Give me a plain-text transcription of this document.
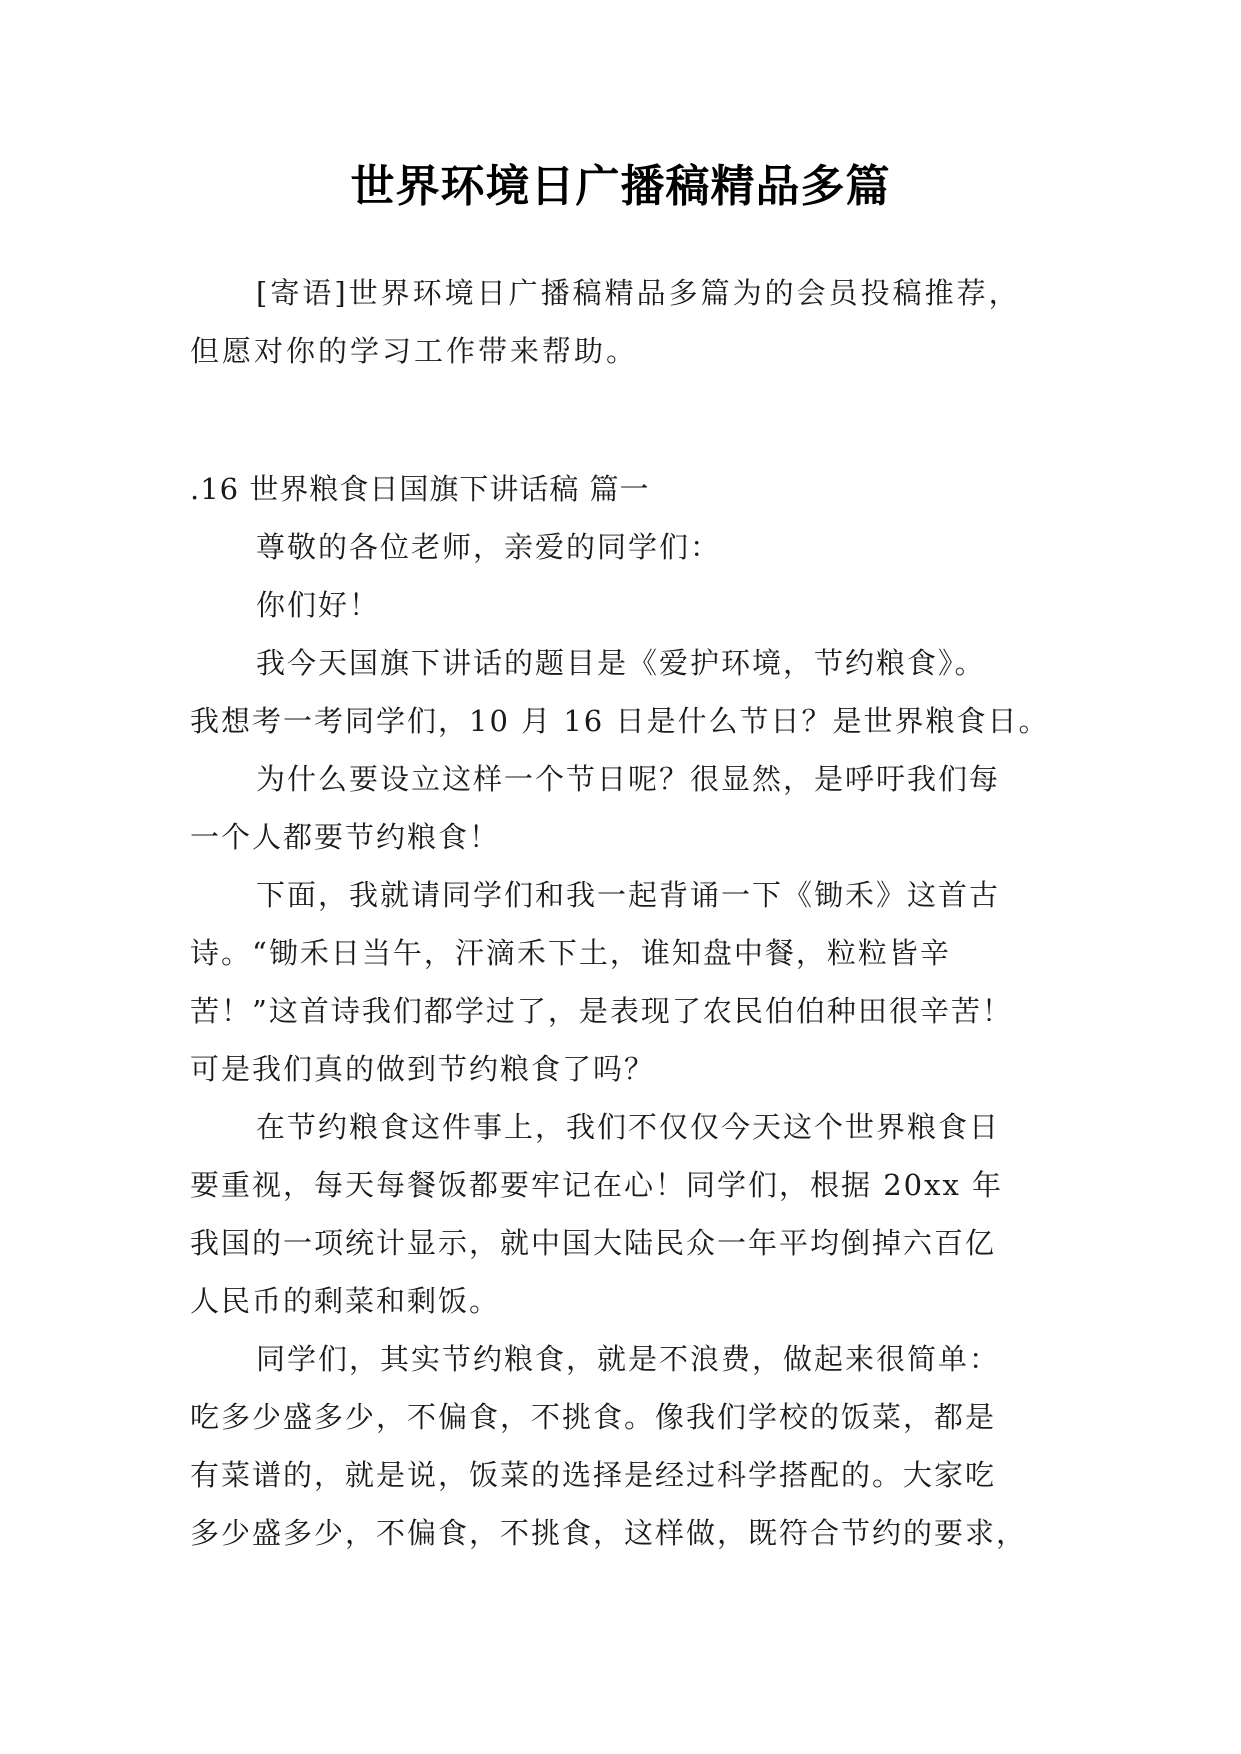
世界环境日广播稿精品多篇
[寄语]世界环境日广播稿精品多篇为的会员投稿推荐，
但愿对你的学习工作带来帮助。
.16 世界粮食日国旗下讲话稿 篇一
尊敬的各位老师，亲爱的同学们：
你们好！
我今天国旗下讲话的题目是《爱护环境，节约粮食》。
我想考一考同学们，10 月 16 日是什么节日？是世界粮食日。
为什么要设立这样一个节日呢？很显然，是呼吁我们每
一个人都要节约粮食！
下面，我就请同学们和我一起背诵一下《锄禾》这首古
诗。“锄禾日当午，汗滴禾下土，谁知盘中餐，粒粒皆辛
苦！”这首诗我们都学过了，是表现了农民伯伯种田很辛苦！
可是我们真的做到节约粮食了吗？
在节约粮食这件事上，我们不仅仅今天这个世界粮食日
要重视，每天每餐饭都要牢记在心！同学们，根据 20xx 年
我国的一项统计显示，就中国大陆民众一年平均倒掉六百亿
人民币的剩菜和剩饭。
同学们，其实节约粮食，就是不浪费，做起来很简单：
吃多少盛多少，不偏食，不挑食。像我们学校的饭菜，都是
有菜谱的，就是说，饭菜的选择是经过科学搭配的。大家吃
多少盛多少，不偏食，不挑食，这样做，既符合节约的要求，
